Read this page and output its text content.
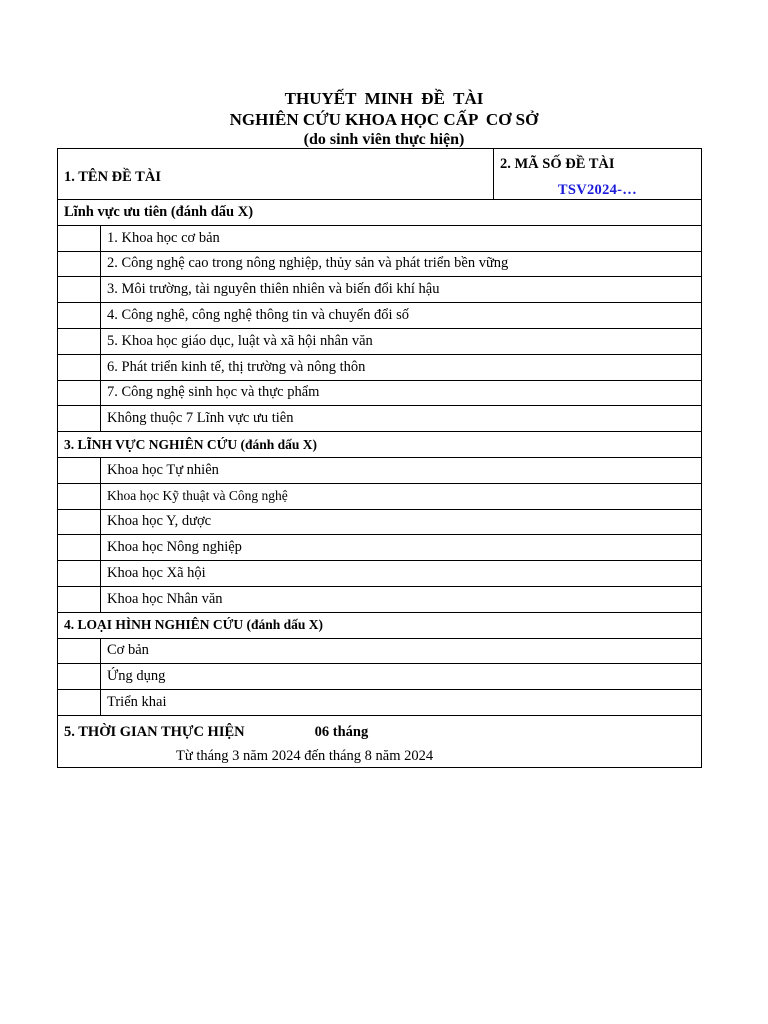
THUYẾT  MINH  ĐỀ  TÀI
NGHIÊN CỨU KHOA HỌC CẤP  CƠ SỞ
(do sinh viên thực hiện)
1. TÊN ĐỀ TÀI		2. MÃ SỐ ĐỀ TÀI
TSV2024-…

Lĩnh vực ưu tiên (đánh dấu X)		
	1. Khoa học cơ bản	
	2. Công nghệ cao trong nông nghiệp, thủy sản và phát triển bền vững	
	3. Môi trường, tài nguyên thiên nhiên và biến đổi khí hậu	
	4. Công nghê, công nghệ thông tin và chuyển đổi số	
	5. Khoa học giáo dục, luật và xã hội nhân văn	
	6. Phát triển kinh tế, thị trường và nông thôn	
	7. Công nghệ sinh học và thực phẩm	
	Không thuộc 7 Lĩnh vực ưu tiên	
3. LĨNH VỰC NGHIÊN CỨU (đánh dấu X)		
	Khoa học Tự nhiên	
	Khoa học Kỹ thuật và Công nghệ	
	Khoa học Y, dược	
	Khoa học Nông nghiệp	
	Khoa học Xã hội	
	Khoa học Nhân văn	
4. LOẠI HÌNH NGHIÊN CỨU (đánh dấu X)		
	Cơ bản	
	Ứng dụng	
	Triển khai	

5. THỜI GIAN THỰC HIỆN 06 tháng
Từ tháng 3 năm 2024 đến tháng 8 năm 2024		
